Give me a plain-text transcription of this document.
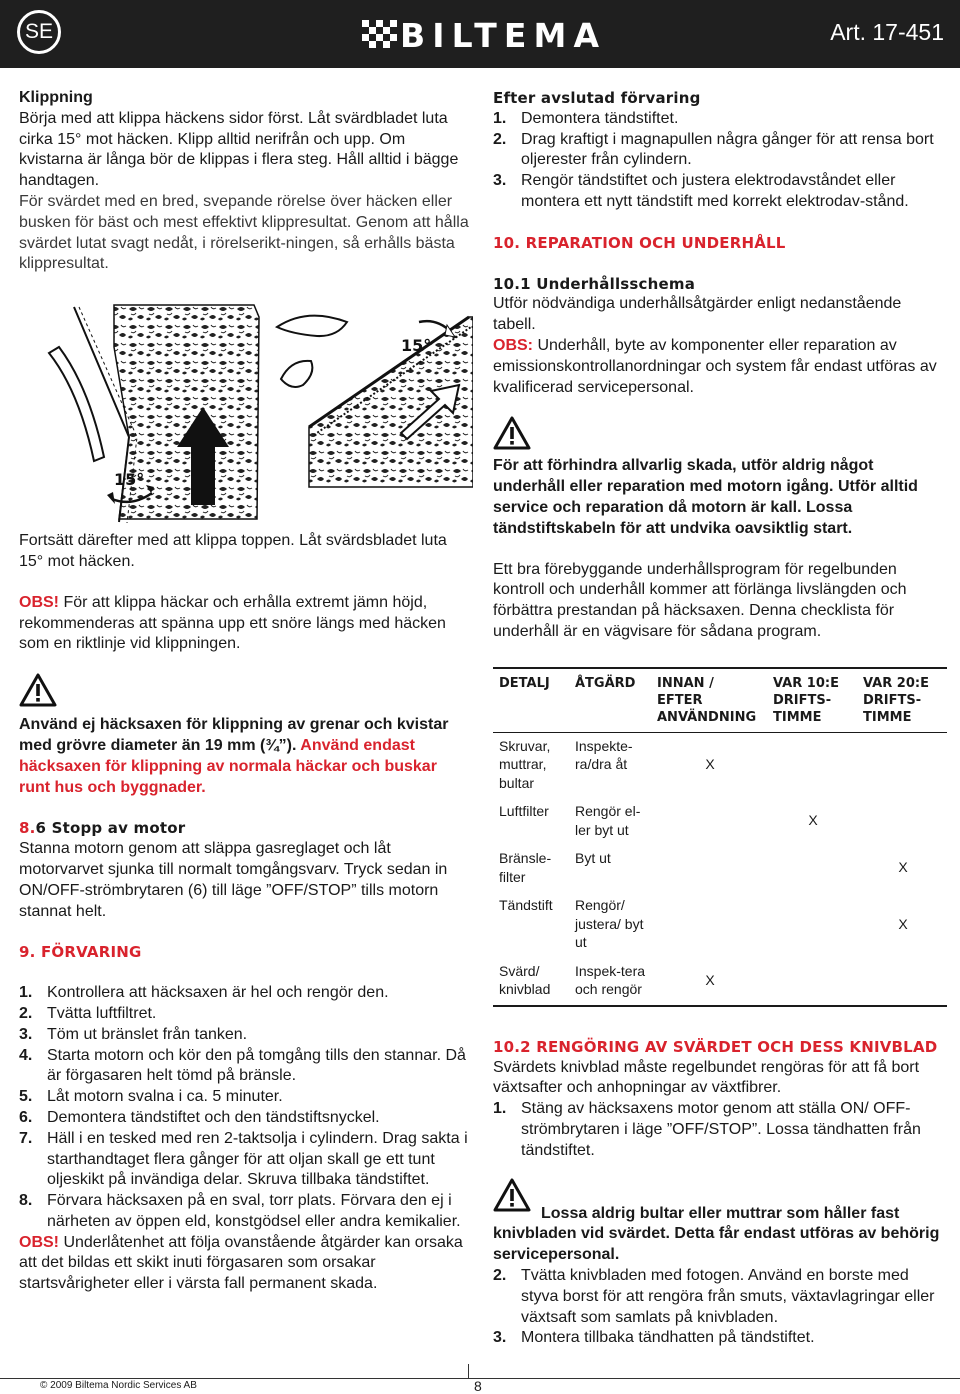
SE	BILTEMA	Art. 17-451

Klippning

Börja med att klippa häckens sidor först. Låt svärdbladet luta cirka 15° mot häcken. Klipp alltid nerifrån och upp. Om kvistarna är långa bör de klippas i flera steg. Håll alltid i bägge handtagen.

För svärdet med en bred, svepande rörelse över häcken eller busken för bäst och mest effektivt klippresultat. Genom att hålla svärdet lutat svagt nedåt, i rörelserikt-ningen, så erhålls bästa klippresultat.

15°
15°

Fortsätt därefter med att klippa toppen. Låt svärdsbladet luta 15° mot häcken.

OBS! För att klippa häckar och erhålla extremt jämn höjd, rekommenderas att spänna upp ett snöre längs med häcken som en riktlinje vid klippningen.

Använd ej häcksaxen för klippning av grenar och kvistar med grövre diameter än 19 mm (¾”). Använd endast häcksaxen för klippning av normala häckar och buskar runt hus och byggnader.

8.6 Stopp av motor

Stanna motorn genom att släppa gasreglaget och låt motorvarvet sjunka till normalt tomgångsvarv. Tryck sedan in ON/OFF-strömbrytaren (6) till läge ”OFF/STOP” tills motorn stannat helt.

9. FÖRVARING

1. Kontrollera att häcksaxen är hel och rengör den.
2. Tvätta luftfiltret.
3. Töm ut bränslet från tanken.
4. Starta motorn och kör den på tomgång tills den stannar. Då är förgasaren helt tömd på bränsle.
5. Låt motorn svalna i ca. 5 minuter.
6. Demontera tändstiftet och den tändstiftsnyckel.
7. Häll i en tesked med ren 2-taktsolja i cylindern. Drag sakta i starthandtaget flera gånger för att oljan skall ge ett tunt oljeskikt på invändiga delar. Skruva tillbaka tändstiftet.
8. Förvara häcksaxen på en sval, torr plats. Förvara den ej i närheten av öppen eld, konstgödsel eller andra kemikalier.

OBS! Underlåtenhet att följa ovanstående åtgärder kan orsaka att det bildas ett skikt inuti förgasaren som orsakar startsvårigheter eller i värsta fall permanent skada.

Efter avslutad förvaring

1. Demontera tändstiftet.
2. Drag kraftigt i magnapullen några gånger för att rensa bort oljerester från cylindern.
3. Rengör tändstiftet och justera elektrodavståndet eller montera ett nytt tändstift med korrekt elektrodav-stånd.

10. REPARATION OCH UNDERHÅLL

10.1 Underhållsschema

Utför nödvändiga underhållsåtgärder enligt nedanstående tabell.

OBS: Underhåll, byte av komponenter eller reparation av emissionskontrollanordningar och system får endast utföras av kvalificerad servicepersonal.

För att förhindra allvarlig skada, utför aldrig något underhåll eller reparation med motorn igång. Utför alltid service och reparation då motorn är kall. Lossa tändstiftskabeln för att undvika oavsiktlig start.

Ett bra förebyggande underhållsprogram för regelbunden kontroll och underhåll kommer att förlänga livslängden och förbättra prestandan på häcksaxen. Denna checklista för underhåll är en vägvisare för sådana program.

DETALJ	ÅTGÄRD	INNAN / EFTER ANVÄNDNING	VAR 10:E DRIFTS-TIMME	VAR 20:E DRIFTS-TIMME
Skruvar, muttrar, bultar	Inspekte-ra/dra åt	X		
Luftfilter	Rengör el-ler byt ut		X	
Bränsle-filter	Byt ut			X
Tändstift	Rengör/ justera/ byt ut			X
Svärd/ knivblad	Inspek-tera och rengör	X		

10.2 RENGÖRING AV SVÄRDET OCH DESS KNIVBLAD

Svärdets knivblad måste regelbundet rengöras för att få bort växtsafter och anhopningar av växtfibrer.

1. Stäng av häcksaxens motor genom att ställa ON/ OFF-strömbrytaren i läge ”OFF/STOP”. Lossa tändhatten från tändstiftet.

Lossa aldrig bultar eller muttrar som håller fast knivbladen vid svärdet. Detta får endast utföras av behörig servicepersonal.

2. Tvätta knivbladen med fotogen. Använd en borste med styva borst för att rengöra från smuts, växtavlagringar eller växtsaft som samlats på knivbladen.
3. Montera tillbaka tändhatten på tändstiftet.
© 2009 Biltema Nordic Services AB	8
